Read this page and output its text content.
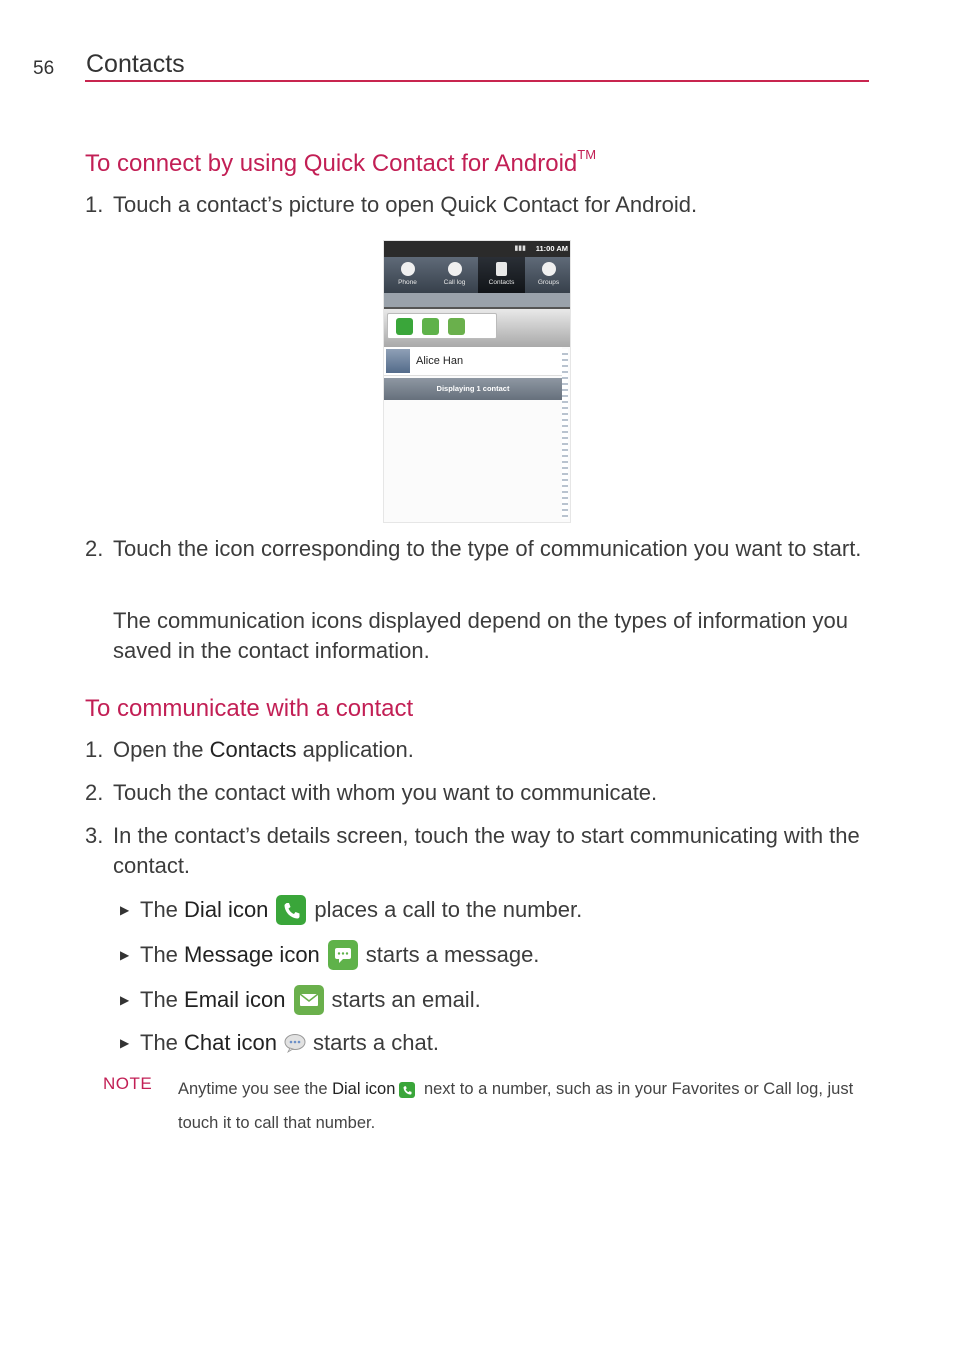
56 Contacts
To connect by using Quick Contact for Android™
1. Touch a contact’s picture to open Quick Contact for Android.
▮▮▮ 11:00 AM
Phone	Call log	Contacts	Groups
Alice Han
Displaying 1 contact
2. Touch the icon corresponding to the type of communication you want to start.
The communication icons displayed depend on the types of information you saved in the contact information.
To communicate with a contact
1. Open the Contacts application.
2. Touch the contact with whom you want to communicate.
3. In the contact’s details screen, touch the way to start communicating with the contact.
▶ The
Dial icon places a call to the number.
▶ The
Message icon starts a message.
▶ The
Email icon starts an email.
▶ The
Chat icon starts a chat.
NOTE Anytime you see the Dial icon
next to a number, such as in your Favorites or Call log, just touch it to call that number.
